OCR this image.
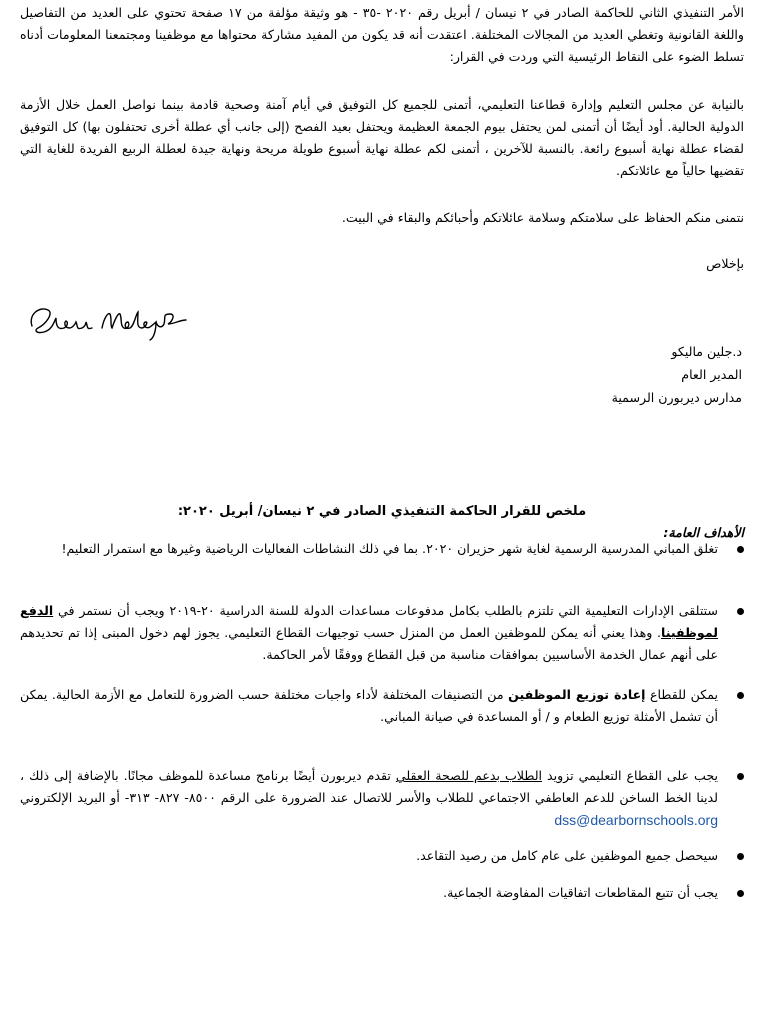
الأمر التنفيذي الثاني للحاكمة الصادر في ٢ نيسان / أبريل رقم ٢٠٢٠ -٣٥ - هو وثيقة مؤلفة من ١٧ صفحة تحتوي على العديد من التفاصيل واللغة القانونية وتغطي العديد من المجالات المختلفة. اعتقدت أنه قد يكون من المفيد مشاركة محتواها مع موظفينا ومجتمعنا المعلومات أدناه تسلط الضوء على النقاط الرئيسية التي وردت في القرار:

بالنيابة عن مجلس التعليم وإدارة قطاعنا التعليمي، أتمنى للجميع كل التوفيق في أيام آمنة وصحية قادمة بينما نواصل العمل خلال الأزمة الدولية الحالية. أود أيضًا أن أتمنى لمن يحتفل بيوم الجمعة العظيمة ويحتفل بعيد الفصح (إلى جانب أي عطلة أخرى تحتفلون بها) كل التوفيق لقضاء عطلة نهاية أسبوع رائعة. بالنسبة للآخرين ، أتمنى لكم عطلة نهاية أسبوع طويلة مريحة ونهاية جيدة لعطلة الربيع الفريدة للغاية التي تقضيها حالياً مع عائلاتكم.

نتمنى منكم الحفاظ على سلامتكم وسلامة عائلاتكم وأحبائكم والبقاء في البيت.

بإخلاص

د.جلين ماليكو
المدير العام
مدارس ديربورن الرسمية
ملخص للقرار الحاكمة التنفيذي الصادر في ٢ نيسان/ أبريل ٢٠٢٠:
الأهداف العامة:
تغلق المباني المدرسية الرسمية لغاية شهر حزيران ٢٠٢٠. بما في ذلك النشاطات الفعاليات الرياضية وغيرها مع استمرار التعليم!
ستتلقى الإدارات التعليمية التي تلتزم بالطلب بكامل مدفوعات مساعدات الدولة للسنة الدراسية ٢٠-٢٠١٩ ويجب أن نستمر في الدفع لموظفينا. وهذا يعني أنه يمكن للموظفين العمل من المنزل حسب توجيهات القطاع التعليمي. يجوز لهم دخول المبنى إذا تم تحديدهم على أنهم عمال الخدمة الأساسيين بموافقات مناسبة من قبل القطاع ووفقًا لأمر الحاكمة.
يمكن للقطاع إعادة توزيع الموظفين من التصنيفات المختلفة لأداء واجبات مختلفة حسب الضرورة للتعامل مع الأزمة الحالية. يمكن أن تشمل الأمثلة توزيع الطعام و / أو المساعدة في صيانة المباني.
يجب على القطاع التعليمي تزويد الطلاب بدعم للصحة العقلي تقدم ديربورن أيضًا برنامج مساعدة للموظف مجانًا. بالإضافة إلى ذلك ، لدينا الخط الساخن للدعم العاطفي الاجتماعي للطلاب والأسر للاتصال عند الضرورة على الرقم ٨٥٠٠- ٨٢٧- ٣١٣- أو البريد الإلكتروني dss@dearbornschools.org
سيحصل جميع الموظفين على عام كامل من رصيد التقاعد.
يجب أن تتبع المقاطعات اتفاقيات المفاوضة الجماعية.
